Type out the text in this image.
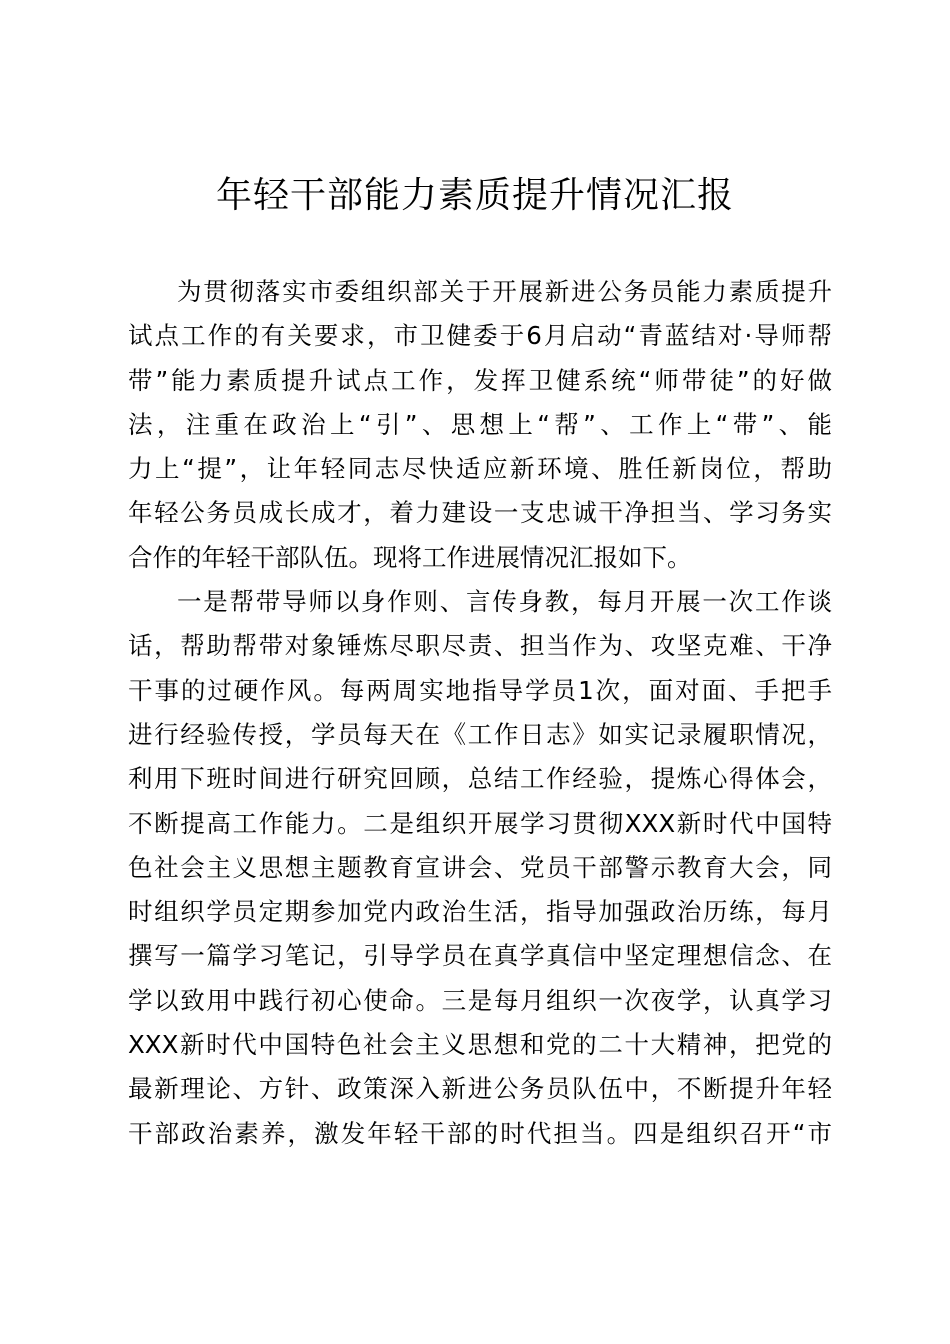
年轻干部能力素质提升情况汇报
为贯彻落实市委组织部关于开展新进公务员能力素质提升
试点工作的有关要求，市卫健委于6月启动“青蓝结对·导师帮
带”能力素质提升试点工作，发挥卫健系统“师带徒”的好做
法，注重在政治上“引”、思想上“帮”、工作上“带”、能
力上“提”，让年轻同志尽快适应新环境、胜任新岗位，帮助
年轻公务员成长成才，着力建设一支忠诚干净担当、学习务实
合作的年轻干部队伍。现将工作进展情况汇报如下。
一是帮带导师以身作则、言传身教，每月开展一次工作谈
话，帮助帮带对象锤炼尽职尽责、担当作为、攻坚克难、干净
干事的过硬作风。每两周实地指导学员1次，面对面、手把手
进行经验传授，学员每天在《工作日志》如实记录履职情况，
利用下班时间进行研究回顾，总结工作经验，提炼心得体会，
不断提高工作能力。二是组织开展学习贯彻XXX新时代中国特
色社会主义思想主题教育宣讲会、党员干部警示教育大会，同
时组织学员定期参加党内政治生活，指导加强政治历练，每月
撰写一篇学习笔记，引导学员在真学真信中坚定理想信念、在
学以致用中践行初心使命。三是每月组织一次夜学，认真学习
XXX新时代中国特色社会主义思想和党的二十大精神，把党的
最新理论、方针、政策深入新进公务员队伍中，不断提升年轻
干部政治素养，激发年轻干部的时代担当。四是组织召开“市
